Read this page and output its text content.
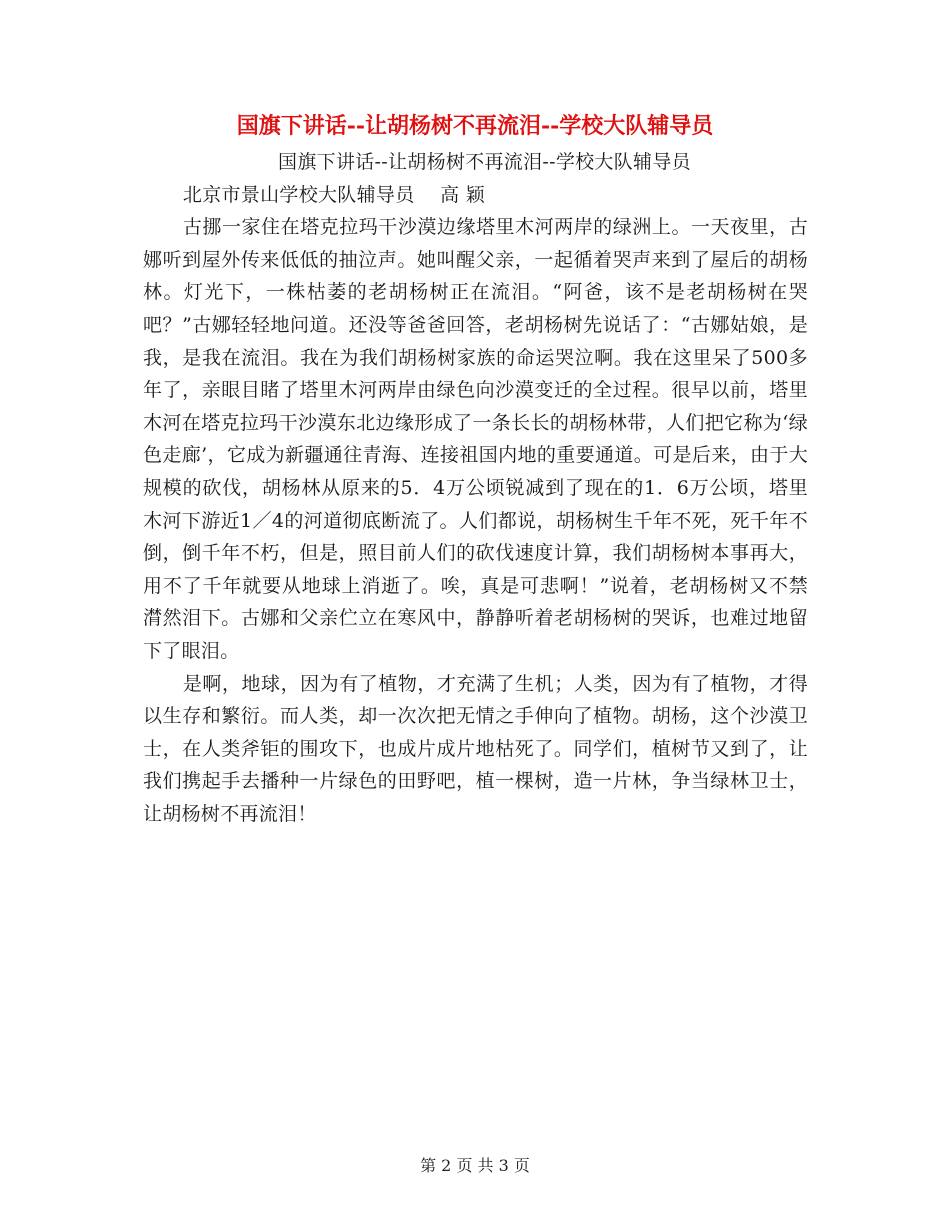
国旗下讲话--让胡杨树不再流泪--学校大队辅导员

国旗下讲话--让胡杨树不再流泪--学校大队辅导员

北京市景山学校大队辅导员　 高 颖

古挪一家住在塔克拉玛干沙漠边缘塔里木河两岸的绿洲上。一天夜里，古娜听到屋外传来低低的抽泣声。她叫醒父亲，一起循着哭声来到了屋后的胡杨林。灯光下，一株枯萎的老胡杨树正在流泪。“阿爸，该不是老胡杨树在哭吧？”古娜轻轻地问道。还没等爸爸回答，老胡杨树先说话了：“古娜姑娘，是我，是我在流泪。我在为我们胡杨树家族的命运哭泣啊。我在这里呆了500多年了，亲眼目睹了塔里木河两岸由绿色向沙漠变迁的全过程。很早以前，塔里木河在塔克拉玛干沙漠东北边缘形成了一条长长的胡杨林带，人们把它称为‘绿色走廊’，它成为新疆通往青海、连接祖国内地的重要通道。可是后来，由于大规模的砍伐，胡杨林从原来的5．4万公顷锐减到了现在的1．6万公顷，塔里木河下游近1／4的河道彻底断流了。人们都说，胡杨树生千年不死，死千年不倒，倒千年不朽，但是，照目前人们的砍伐速度计算，我们胡杨树本事再大，用不了千年就要从地球上消逝了。唉，真是可悲啊！”说着，老胡杨树又不禁潸然泪下。古娜和父亲伫立在寒风中，静静听着老胡杨树的哭诉，也难过地留下了眼泪。

是啊，地球，因为有了植物，才充满了生机；人类，因为有了植物，才得以生存和繁衍。而人类，却一次次把无情之手伸向了植物。胡杨，这个沙漠卫士，在人类斧钜的围攻下，也成片成片地枯死了。同学们，植树节又到了，让我们携起手去播种一片绿色的田野吧，植一棵树，造一片林，争当绿林卫士，让胡杨树不再流泪！

第 2 页 共 3 页
